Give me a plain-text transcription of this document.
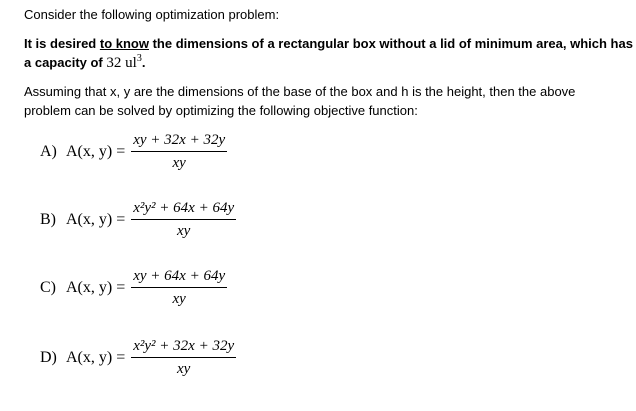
Consider the following optimization problem:
It is desired to know the dimensions of a rectangular box without a lid of minimum area, which has a capacity of 32 $ul^3$.
Assuming that x, y are the dimensions of the base of the box and h is the height, then the above problem can be solved by optimizing the following objective function:
A) A(x, $y) = \frac{xy + 32x + 32y}{xy}$
B) A(x, $y) = \frac{\text{x²y² + 64x + 64y}}{xy}$
C) A(x, $y) = \frac{xy + 64x + 64y}{xy}$
D) A(x, $y) = \frac{\text{x²y² + 32x + 32y}}{xy}$
